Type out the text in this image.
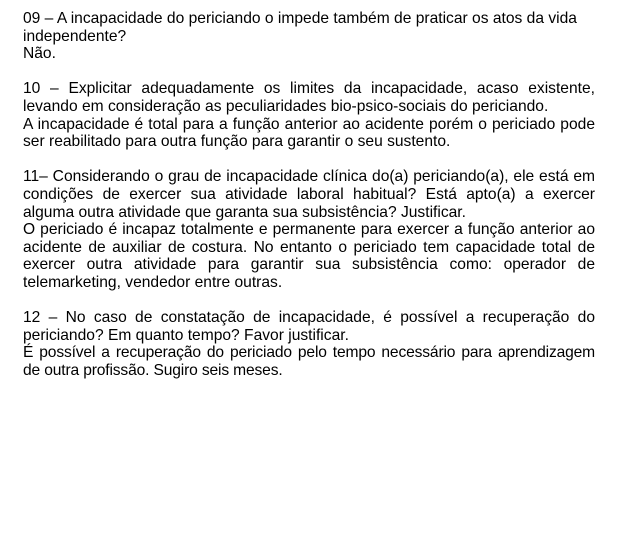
09 – A incapacidade do periciando o impede também de praticar os atos da vida independente?

Não.

10 – Explicitar adequadamente os limites da incapacidade, acaso existente, levando em consideração as peculiaridades bio-psico-sociais do periciando.

A incapacidade é total para a função anterior ao acidente porém o periciado pode ser reabilitado para outra função para garantir o seu sustento.

11– Considerando o grau de incapacidade clínica do(a) periciando(a), ele está em condições de exercer sua atividade laboral habitual? Está apto(a) a exercer alguma outra atividade que garanta sua subsistência? Justificar.

O periciado é incapaz totalmente e permanente para exercer a função anterior ao acidente de auxiliar de costura. No entanto o periciado tem capacidade total de exercer outra atividade para garantir sua subsistência como: operador de telemarketing, vendedor entre outras.

12 – No caso de constatação de incapacidade, é possível a recuperação do periciando? Em quanto tempo? Favor justificar.

É possível a recuperação do periciado pelo tempo necessário para aprendizagem de outra profissão. Sugiro seis meses.
